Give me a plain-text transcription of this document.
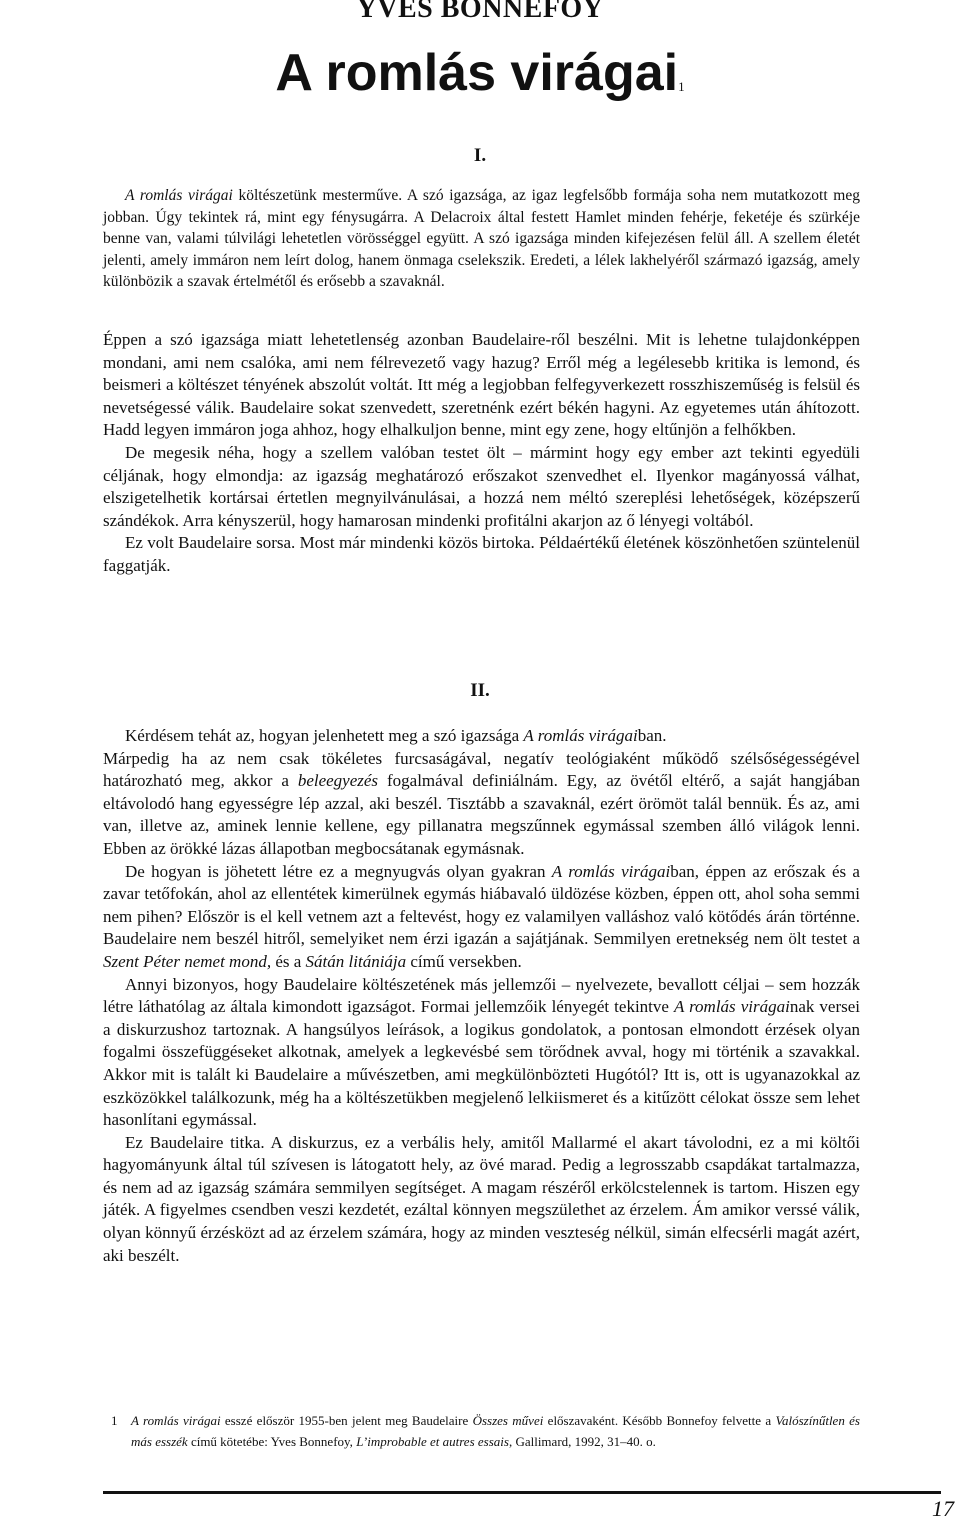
YVES BONNEFOY
A romlás virágai$^1$
I.

A romlás virágai költészetünk mesterműve. A szó igazsága, az igaz legfelsőbb formája soha nem mutatkozott meg jobban. Úgy tekintek rá, mint egy fénysugárra. A Delacroix által festett Hamlet minden fehérje, feketéje és szürkéje benne van, valami túlvilági lehetetlen vörösséggel együtt. A szó igazsága minden kifejezésen felül áll. A szellem életét jelenti, amely immáron nem leírt dolog, hanem önmaga cselekszik. Eredeti, a lélek lakhelyéről származó igazság, amely különbözik a szavak értelmétől és erősebb a szavaknál.

Éppen a szó igazsága miatt lehetetlenség azonban Baudelaire-ről beszélni. Mit is lehetne tulajdonképpen mondani, ami nem csalóka, ami nem félrevezető vagy hazug? Erről még a legélesebb kritika is lemond, és beismeri a költészet tényének abszolút voltát. Itt még a legjobban felfegyverkezett rosszhiszeműség is felsül és nevetségessé válik. Baudelaire sokat szenvedett, szeretnénk ezért békén hagyni. Az egyetemes után áhítozott. Hadd legyen immáron joga ahhoz, hogy elhalkuljon benne, mint egy zene, hogy eltűnjön a felhőkben.

De megesik néha, hogy a szellem valóban testet ölt – mármint hogy egy ember azt tekinti egyedüli céljának, hogy elmondja: az igazság meghatározó erőszakot szenvedhet el. Ilyenkor magányossá válhat, elszigetelhetik kortársai értetlen megnyilvánulásai, a hozzá nem méltó szereplési lehetőségek, középszerű szándékok. Arra kényszerül, hogy hamarosan mindenki profitálni akarjon az ő lényegi voltából.

Ez volt Baudelaire sorsa. Most már mindenki közös birtoka. Példaértékű életének köszönhetően szüntelenül faggatják.

II.

Kérdésem tehát az, hogyan jelenhetett meg a szó igazsága A romlás virágaiban.

Márpedig ha az nem csak tökéletes furcsaságával, negatív teológiaként működő szélsőségességével határozható meg, akkor a beleegyezés fogalmával definiálnám. Egy, az övétől eltérő, a saját hangjában eltávolodó hang egyességre lép azzal, aki beszél. Tisztább a szavaknál, ezért örömöt talál bennük. És az, ami van, illetve az, aminek lennie kellene, egy pillanatra megszűnnek egymással szemben álló világok lenni. Ebben az örökké lázas állapotban megbocsátanak egymásnak.

De hogyan is jöhetett létre ez a megnyugvás olyan gyakran A romlás virágaiban, éppen az erőszak és a zavar tetőfokán, ahol az ellentétek kimerülnek egymás hiábavaló üldözése közben, éppen ott, ahol soha semmi nem pihen? Először is el kell vetnem azt a feltevést, hogy ez valamilyen valláshoz való kötődés árán történne. Baudelaire nem beszél hitről, semelyiket nem érzi igazán a sajátjának. Semmilyen eretnekség nem ölt testet a Szent Péter nemet mond, és a Sátán litániája című versekben.

Annyi bizonyos, hogy Baudelaire költészetének más jellemzői – nyelvezete, bevallott céljai – sem hozzák létre láthatólag az általa kimondott igazságot. Formai jellemzőik lényegét tekintve A romlás virágainak versei a diskurzushoz tartoznak. A hangsúlyos leírások, a logikus gondolatok, a pontosan elmondott érzések olyan fogalmi összefüggéseket alkotnak, amelyek a legkevésbé sem törődnek avval, hogy mi történik a szavakkal. Akkor mit is talált ki Baudelaire a művészetben, ami megkülönbözteti Hugótól? Itt is, ott is ugyanazokkal az eszközökkel találkozunk, még ha a költészetükben megjelenő lelkiismeret és a kitűzött célokat össze sem lehet hasonlítani egymással.

Ez Baudelaire titka. A diskurzus, ez a verbális hely, amitől Mallarmé el akart távolodni, ez a mi költői hagyományunk által túl szívesen is látogatott hely, az övé marad. Pedig a legrosszabb csapdákat tartalmazza, és nem ad az igazság számára semmilyen segítséget. A magam részéről erkölcstelennek is tartom. Hiszen egy játék. A figyelmes csendben veszi kezdetét, ezáltal könnyen megszülethet az érzelem. Ám amikor verssé válik, olyan könnyű érzésközt ad az érzelem számára, hogy az minden veszteség nélkül, simán elfecsérli magát azért, aki beszélt.

1 A romlás virágai esszé először 1955-ben jelent meg Baudelaire Összes művei előszavaként. Később Bonnefoy felvette a Valószínűtlen és más esszék című kötetébe: Yves Bonnefoy, L’improbable et autres essais, Gallimard, 1992, 31–40. o.
17
